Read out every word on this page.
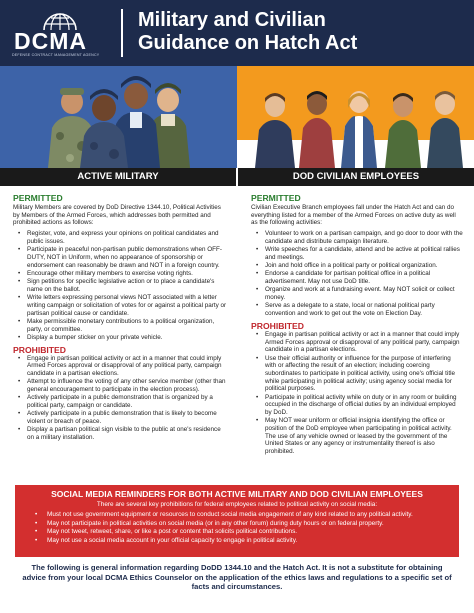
DCMA
DEFENSE CONTRACT MANAGEMENT AGENCY
Military and Civilian
Guidance on Hatch Act
ACTIVE MILITARY	DOD CIVILIAN EMPLOYEES
PERMITTED
Military Members are covered by DoD Directive 1344.10, Political Activities by Members of the Armed Forces, which addresses both permitted and prohibited actions as follows:
• Register, vote, and express your opinions on political candidates and public issues.
• Participate in peaceful non-partisan public demonstrations when OFF-DUTY, NOT in Uniform, when no appearance of sponsorship or endorsement can reasonably be drawn and NOT in a foreign country.
• Encourage other military members to exercise voting rights.
• Sign petitions for specific legislative action or to place a candidate's name on the ballot.
• Write letters expressing personal views NOT associated with a letter writing campaign or solicitation of votes for or against a political party or partisan political cause or candidate.
• Make permissible monetary contributions to a political organization, party, or committee.
• Display a bumper sticker on your private vehicle.
PROHIBITED
• Engage in partisan political activity or act in a manner that could imply Armed Forces approval or disapproval of any political party, campaign candidate in a partisan elections.
• Attempt to influence the voting of any other service member (other than general encouragement to participate in the election process).
• Actively participate in a public demonstration that is organized by a political party, campaign or candidate.
• Actively participate in a public demonstration that is likely to become violent or breach of peace.
• Display a partisan political sign visible to the public at one's residence on a military installation.
PERMITTED
Civilian Executive Branch employees fall under the Hatch Act and can do everything listed for a member of the Armed Forces on active duty as well as the following activities:
• Volunteer to work on a partisan campaign, and go door to door with the candidate and distribute campaign literature.
• Write speeches for a candidate, attend and be active at political rallies and meetings.
• Join and hold office in a political party or political organization.
• Endorse a candidate for partisan political office in a political advertisement. May not use DoD title.
• Organize and work at a fundraising event. May NOT solicit or collect money.
• Serve as a delegate to a state, local or national political party convention and work to get out the vote on Election Day.
PROHIBITED
• Engage in partisan political activity or act in a manner that could imply Armed Forces approval or disapproval of any political party, campaign candidate in a partisan elections.
• Use their official authority or influence for the purpose of interfering with or affecting the result of an election; including coercing subordinates to participate in political activity, using one's official title while participating in political activity; using agency social media for political purposes.
• Participate in political activity while on duty or in any room or building occupied in the discharge of official duties by an individual employed by DoD.
• May NOT wear uniform or official insignia identifying the office or position of the DoD employee when participating in political activity. The use of any vehicle owned or leased by the government of the United States or any agency or instrumentality thereof is also prohibited.
SOCIAL MEDIA REMINDERS FOR BOTH ACTIVE MILITARY AND DOD CIVILIAN EMPLOYEES
There are several key prohibitions for federal employees related to political activity on social media:
• Must not use government equipment or resources to conduct social media engagement of any kind related to any political activity.
• May not participate in political activities on social media (or in any other forum) during duty hours or on federal property.
• May not tweet, retweet, share, or like a post or content that solicits political contributions.
• May not use a social media account in your official capacity to engage in political activity.
The following is general information regarding DoDD 1344.10 and the Hatch Act. It is not a substitute for obtaining advice from your local DCMA Ethics Counselor on the application of the ethics laws and regulations to a specific set of facts and circumstances.
